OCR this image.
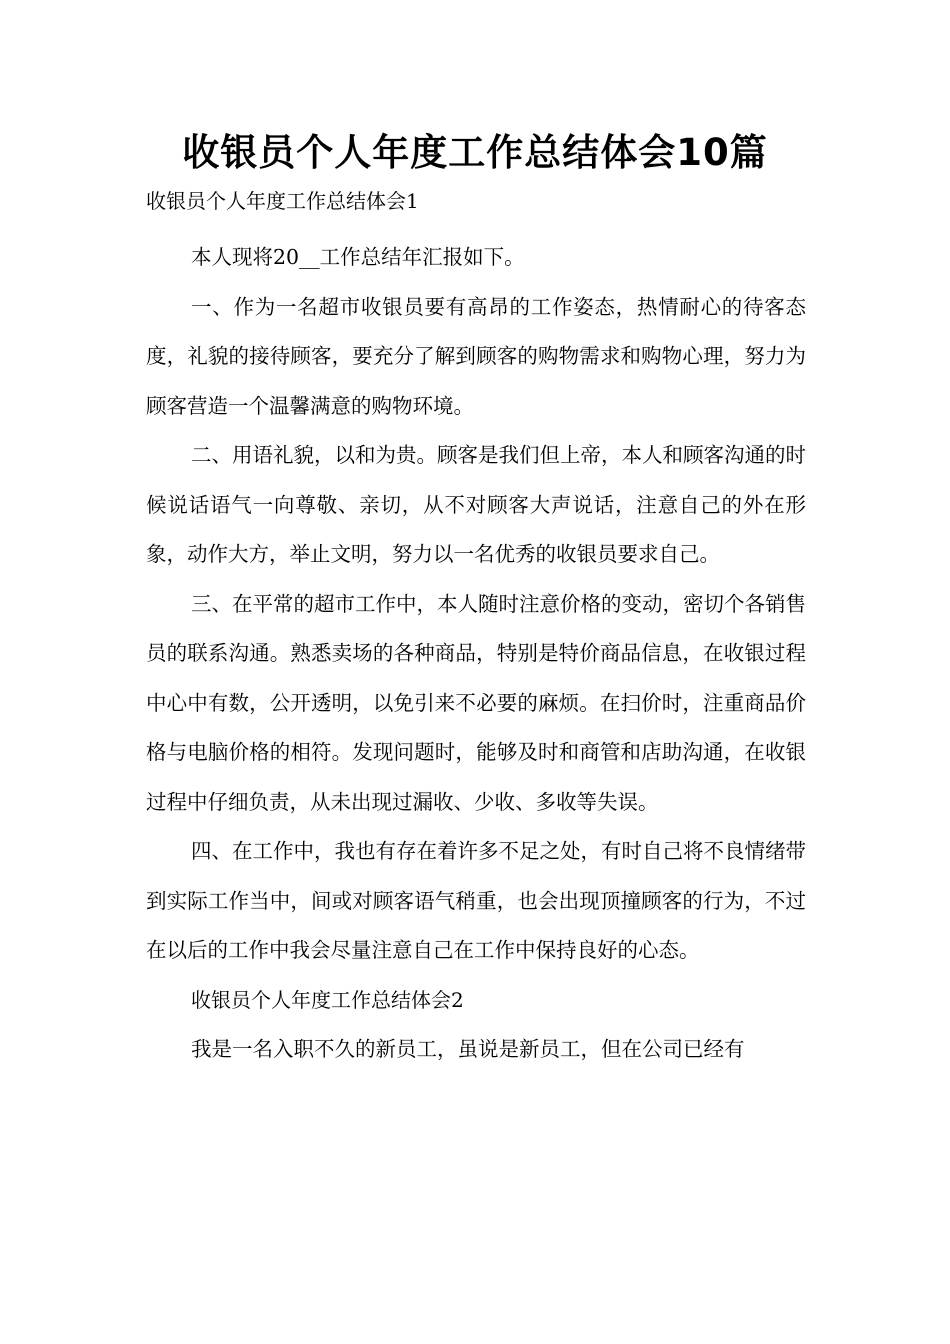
收银员个人年度工作总结体会10篇

收银员个人年度工作总结体会1

本人现将20__工作总结年汇报如下。

一、作为一名超市收银员要有高昂的工作姿态，热情耐心的待客态度，礼貌的接待顾客，要充分了解到顾客的购物需求和购物心理，努力为顾客营造一个温馨满意的购物环境。

二、用语礼貌，以和为贵。顾客是我们但上帝，本人和顾客沟通的时候说话语气一向尊敬、亲切，从不对顾客大声说话，注意自己的外在形象，动作大方，举止文明，努力以一名优秀的收银员要求自己。

三、在平常的超市工作中，本人随时注意价格的变动，密切个各销售员的联系沟通。熟悉卖场的各种商品，特别是特价商品信息，在收银过程中心中有数，公开透明，以免引来不必要的麻烦。在扫价时，注重商品价格与电脑价格的相符。发现问题时，能够及时和商管和店助沟通，在收银过程中仔细负责，从未出现过漏收、少收、多收等失误。

四、在工作中，我也有存在着许多不足之处，有时自己将不良情绪带到实际工作当中，间或对顾客语气稍重，也会出现顶撞顾客的行为，不过在以后的工作中我会尽量注意自己在工作中保持良好的心态。

收银员个人年度工作总结体会2

我是一名入职不久的新员工，虽说是新员工，但在公司已经有
